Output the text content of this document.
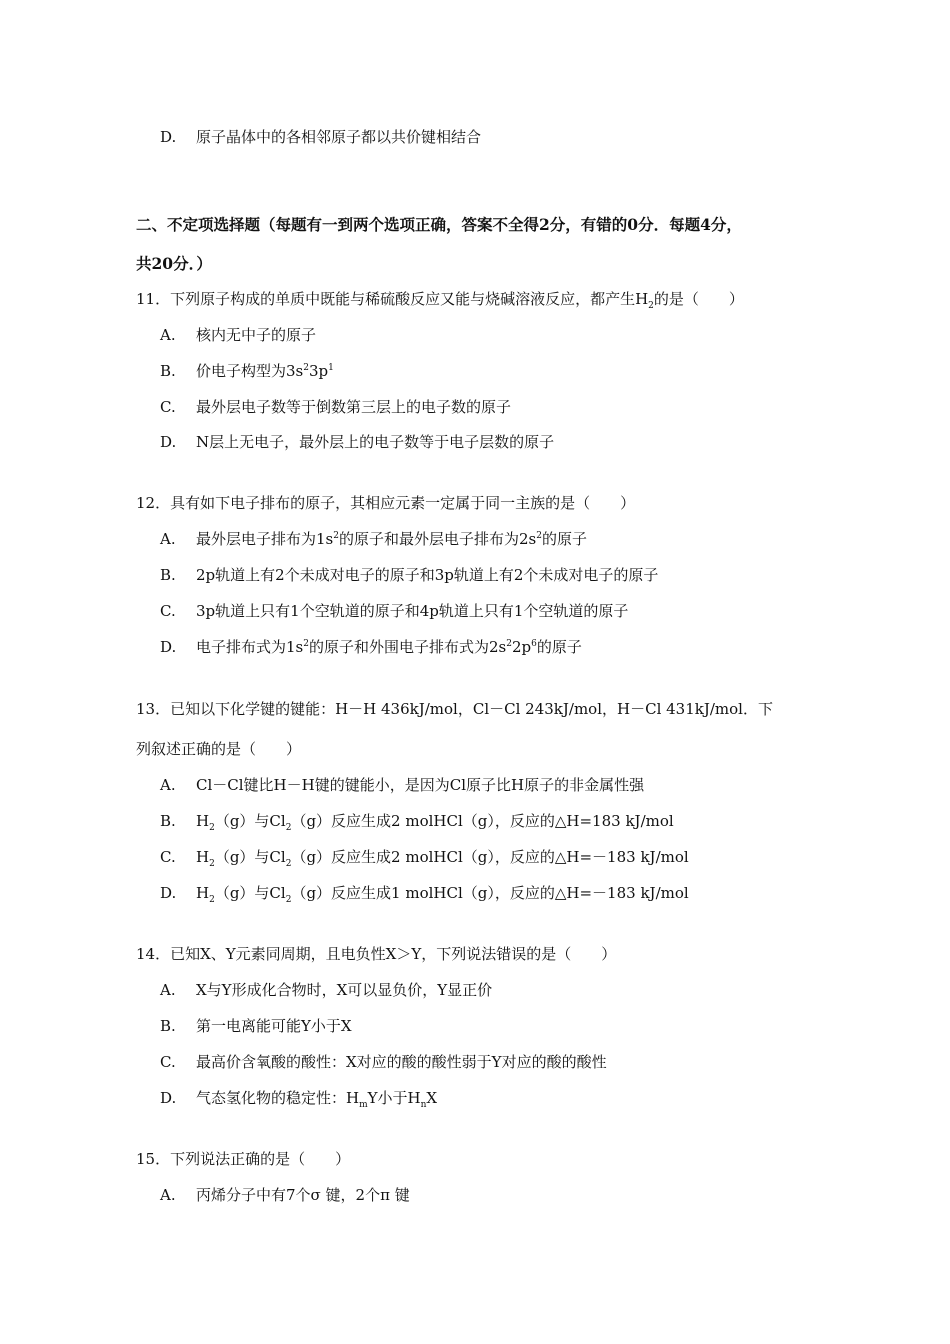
D. 原子晶体中的各相邻原子都以共价键相结合
二、不定项选择题（每题有一到两个选项正确，答案不全得2分，有错的0分．每题4分，
共20分．）
11．下列原子构成的单质中既能与稀硫酸反应又能与烧碱溶液反应，都产生$H_2$的是（　　）
A. 核内无中子的原子
B. 价电子构型为$3s^23p^1$
C. 最外层电子数等于倒数第三层上的电子数的原子
D. N层上无电子，最外层上的电子数等于电子层数的原子
12．具有如下电子排布的原子，其相应元素一定属于同一主族的是（　　）
A. 最外层电子排布为$1s^2$的原子和最外层电子排布为$2s^2$的原子
B. 2p轨道上有2个未成对电子的原子和3p轨道上有2个未成对电子的原子
C. 3p轨道上只有1个空轨道的原子和4p轨道上只有1个空轨道的原子
D. 电子排布式为$1s^2$的原子和外围电子排布式为$2s^22p^6$的原子
13．已知以下化学键的键能：H－H 436kJ/mol，Cl－Cl 243kJ/mol，H－Cl 431kJ/mol．下
列叙述正确的是（　　）
A. Cl－Cl键比H－H键的键能小，是因为Cl原子比H原子的非金属性强
B. $H_2(g)$与$Cl_2(g)$反应生成2 molHCl（g），反应的△H=183 kJ/mol
C. $H_2(g)$与$Cl_2(g)$反应生成2 molHCl（g），反应的△H=－183 kJ/mol
D. $H_2(g)$与$Cl_2(g)$反应生成1 molHCl（g），反应的△H=－183 kJ/mol
14．已知X、Y元素同周期，且电负性X＞Y，下列说法错误的是（　　）
A. X与Y形成化合物时，X可以显负价，Y显正价
B. 第一电离能可能Y小于X
C. 最高价含氧酸的酸性：X对应的酸的酸性弱于Y对应的酸的酸性
D. 气态氢化物的稳定性：$H_mY$小于$H_nX$
15．下列说法正确的是（　　）
A. 丙烯分子中有7个σ 键，2个π 键
